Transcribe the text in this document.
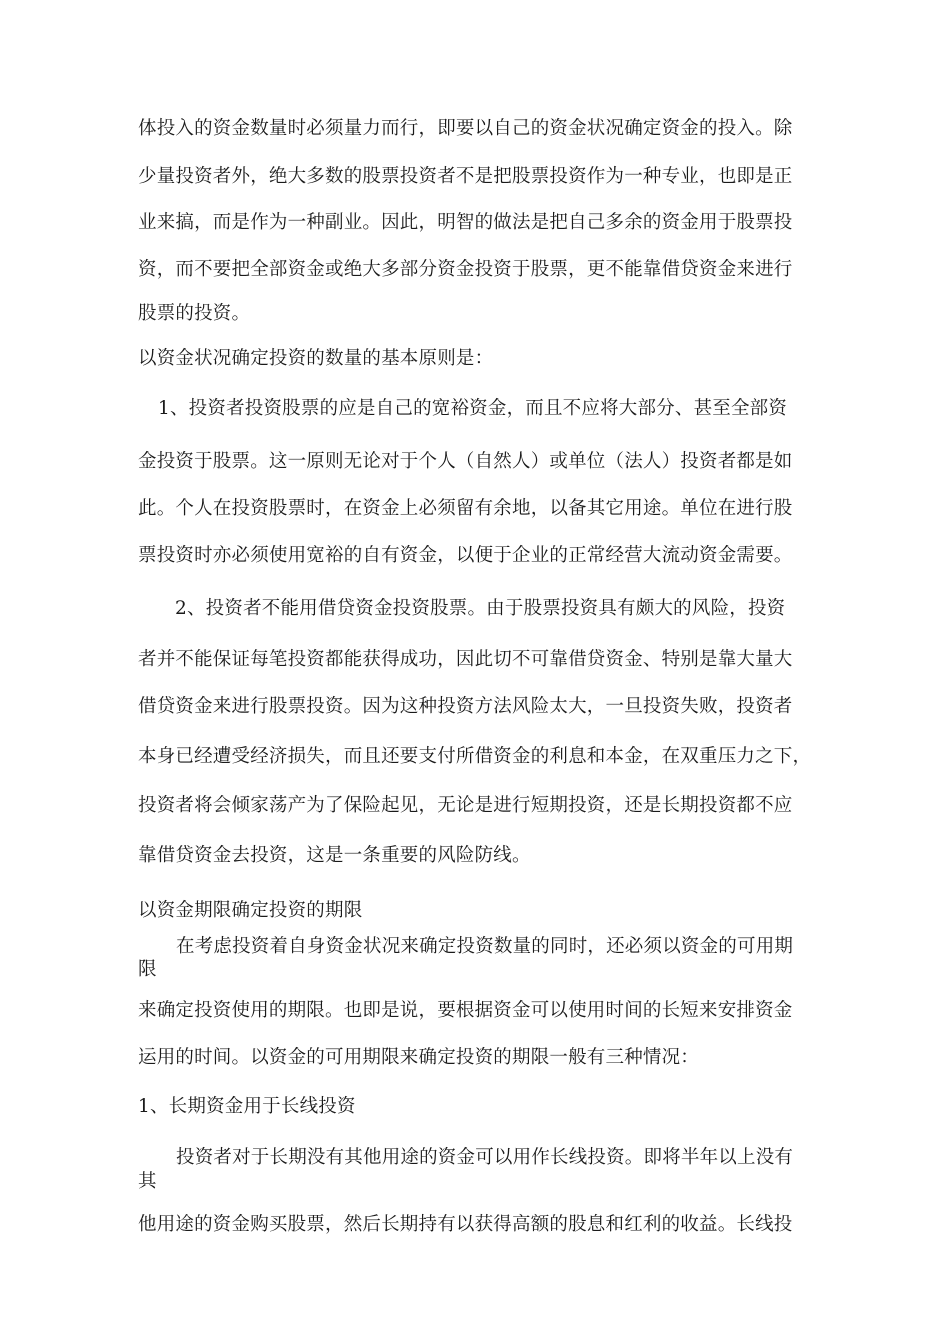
体投入的资金数量时必须量力而行，即要以自己的资金状况确定资金的投入。除
少量投资者外，绝大多数的股票投资者不是把股票投资作为一种专业，也即是正
业来搞，而是作为一种副业。因此，明智的做法是把自己多余的资金用于股票投
资，而不要把全部资金或绝大多部分资金投资于股票，更不能靠借贷资金来进行
股票的投资。
以资金状况确定投资的数量的基本原则是：
1、投资者投资股票的应是自己的宽裕资金，而且不应将大部分、甚至全部资
金投资于股票。这一原则无论对于个人（自然人）或单位（法人）投资者都是如
此。个人在投资股票时，在资金上必须留有余地，以备其它用途。单位在进行股
票投资时亦必须使用宽裕的自有资金，以便于企业的正常经营大流动资金需要。
2、投资者不能用借贷资金投资股票。由于股票投资具有颇大的风险，投资
者并不能保证每笔投资都能获得成功，因此切不可靠借贷资金、特别是靠大量大
借贷资金来进行股票投资。因为这种投资方法风险太大，一旦投资失败，投资者
本身已经遭受经济损失，而且还要支付所借资金的利息和本金，在双重压力之下，
投资者将会倾家荡产为了保险起见，无论是进行短期投资，还是长期投资都不应
靠借贷资金去投资，这是一条重要的风险防线。
以资金期限确定投资的期限
在考虑投资着自身资金状况来确定投资数量的同时，还必须以资金的可用期
限
来确定投资使用的期限。也即是说，要根据资金可以使用时间的长短来安排资金
运用的时间。以资金的可用期限来确定投资的期限一般有三种情况：
1、长期资金用于长线投资
投资者对于长期没有其他用途的资金可以用作长线投资。即将半年以上没有
其
他用途的资金购买股票，然后长期持有以获得高额的股息和红利的收益。长线投
